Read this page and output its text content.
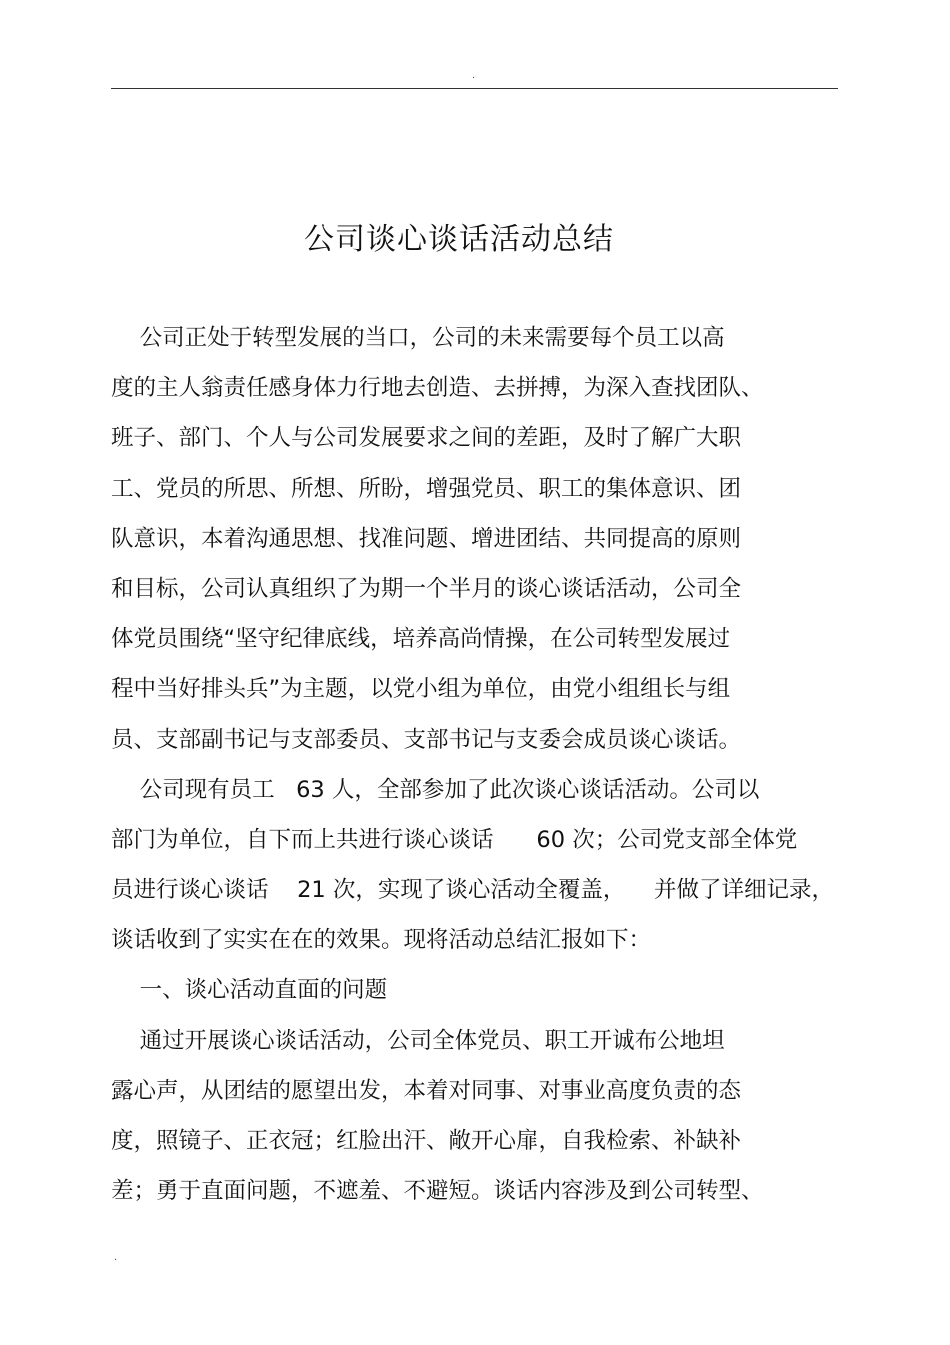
.
公司谈心谈话活动总结
公司正处于转型发展的当口，公司的未来需要每个员工以高
度的主人翁责任感身体力行地去创造、去拼搏，为深入查找团队、
班子、部门、个人与公司发展要求之间的差距，及时了解广大职
工、党员的所思、所想、所盼，增强党员、职工的集体意识、团
队意识，本着沟通思想、找准问题、增进团结、共同提高的原则
和目标，公司认真组织了为期一个半月的谈心谈话活动，公司全
体党员围绕“坚守纪律底线，培养高尚情操，在公司转型发展过
程中当好排头兵”为主题，以党小组为单位，由党小组组长与组
员、支部副书记与支部委员、支部书记与支委会成员谈心谈话。
公司现有员工   63 人，全部参加了此次谈心谈话活动。公司以
部门为单位，自下而上共进行谈心谈话      60 次；公司党支部全体党
员进行谈心谈话    21 次，实现了谈心活动全覆盖，    并做了详细记录，
谈话收到了实实在在的效果。现将活动总结汇报如下：
一、谈心活动直面的问题
通过开展谈心谈话活动，公司全体党员、职工开诚布公地坦
露心声，从团结的愿望出发，本着对同事、对事业高度负责的态
度，照镜子、正衣冠；红脸出汗、敞开心扉，自我检索、补缺补
差；勇于直面问题，不遮羞、不避短。谈话内容涉及到公司转型、
.
